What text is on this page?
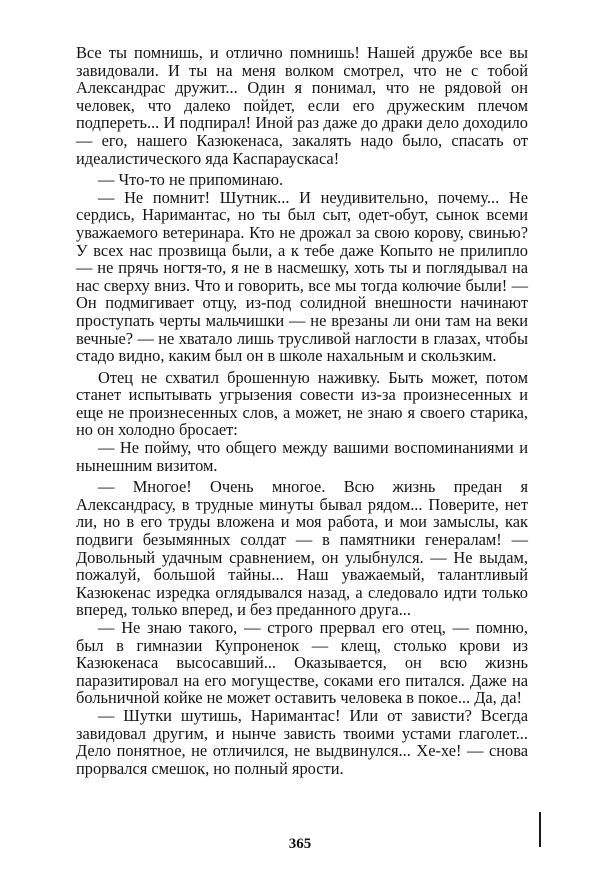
Все ты помнишь, и отлично помнишь! Нашей дружбе все вы завидовали. И ты на меня волком смотрел, что не с тобой Александрас дружит... Один я понимал, что не рядовой он человек, что далеко пойдет, если его дружеским плечом подпереть... И подпирал! Иной раз даже до драки дело доходило — его, нашего Казюкенаса, закалять надо было, спасать от идеалистического яда Каспараускаса!

— Что-то не припоминаю.

— Не помнит! Шутник... И неудивительно, почему... Не сердись, Наримантас, но ты был сыт, одет-обут, сынок всеми уважаемого ветеринара. Кто не дрожал за свою корову, свинью? У всех нас прозвища были, а к тебе даже Копыто не прилипло — не прячь ногтя-то, я не в насмешку, хоть ты и поглядывал на нас сверху вниз. Что и говорить, все мы тогда колючие были! — Он подмигивает отцу, из-под солидной внешности начинают проступать черты мальчишки — не врезаны ли они там на веки вечные? — не хватало лишь трусливой наглости в глазах, чтобы стадо видно, каким был он в школе нахальным и скользким.

Отец не схватил брошенную наживку. Быть может, потом станет испытывать угрызения совести из-за произнесенных и еще не произнесенных слов, а может, не знаю я своего старика, но он холодно бросает:

— Не пойму, что общего между вашими воспоминаниями и нынешним визитом.

— Многое! Очень многое. Всю жизнь предан я Александрасу, в трудные минуты бывал рядом... Поверите, нет ли, но в его труды вложена и моя работа, и мои замыслы, как подвиги безымянных солдат — в памятники генералам! — Довольный удачным сравнением, он улыбнулся. — Не выдам, пожалуй, большой тайны... Наш уважаемый, талантливый Казюкенас изредка оглядывался назад, а следовало идти только вперед, только вперед, и без преданного друга...

— Не знаю такого, — строго прервал его отец, — помню, был в гимназии Купроненок — клещ, столько крови из Казюкенаса высосавший... Оказывается, он всю жизнь паразитировал на его могуществе, соками его питался. Даже на больничной койке не может оставить человека в покое... Да, да!

— Шутки шутишь, Наримантас! Или от зависти? Всегда завидовал другим, и нынче зависть твоими устами глаголет... Дело понятное, не отличился, не выдвинулся... Хе-хе! — снова прорвался смешок, но полный ярости.

365
